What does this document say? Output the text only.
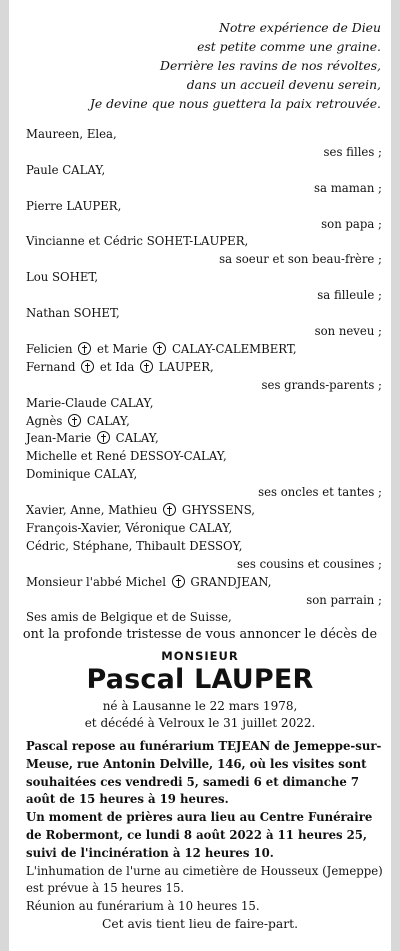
Notre expérience de Dieu
est petite comme une graine.
Derrière les ravins de nos révoltes,
dans un accueil devenu serein,
Je devine que nous guettera la paix retrouvée.
Maureen, Elea,
ses filles ;
Paule CALAY,
sa maman ;
Pierre LAUPER,
son papa ;
Vincianne et Cédric SOHET-LAUPER,
sa soeur et son beau-frère ;
Lou SOHET,
sa filleule ;
Nathan SOHET,
son neveu ;
Felicien et Marie CALAY-CALEMBERT,
Fernand et Ida LAUPER,
ses grands-parents ;
Marie-Claude CALAY,
Agnès CALAY,
Jean-Marie CALAY,
Michelle et René DESSOY-CALAY,
Dominique CALAY,
ses oncles et tantes ;
Xavier, Anne, Mathieu GHYSSENS,
François-Xavier, Véronique CALAY,
Cédric, Stéphane, Thibault DESSOY,
ses cousins et cousines ;
Monsieur l'abbé Michel GRANDJEAN,
son parrain ;
Ses amis de Belgique et de Suisse,
ont la profonde tristesse de vous annoncer le décès de
MONSIEUR
Pascal LAUPER
né à Lausanne le 22 mars 1978,
et décédé à Velroux le 31 juillet 2022.
Pascal repose au funérarium TEJEAN de Jemeppe-sur-Meuse, rue Antonin Delville, 146, où les visites sont souhaitées ces vendredi 5, samedi 6 et dimanche 7 août de 15 heures à 19 heures.
Un moment de prières aura lieu au Centre Funéraire de Robermont, ce lundi 8 août 2022 à 11 heures 25, suivi de l'incinération à 12 heures 10.
L'inhumation de l'urne au cimetière de Housseux (Jemeppe) est prévue à 15 heures 15.
Réunion au funérarium à 10 heures 15.
Cet avis tient lieu de faire-part.
